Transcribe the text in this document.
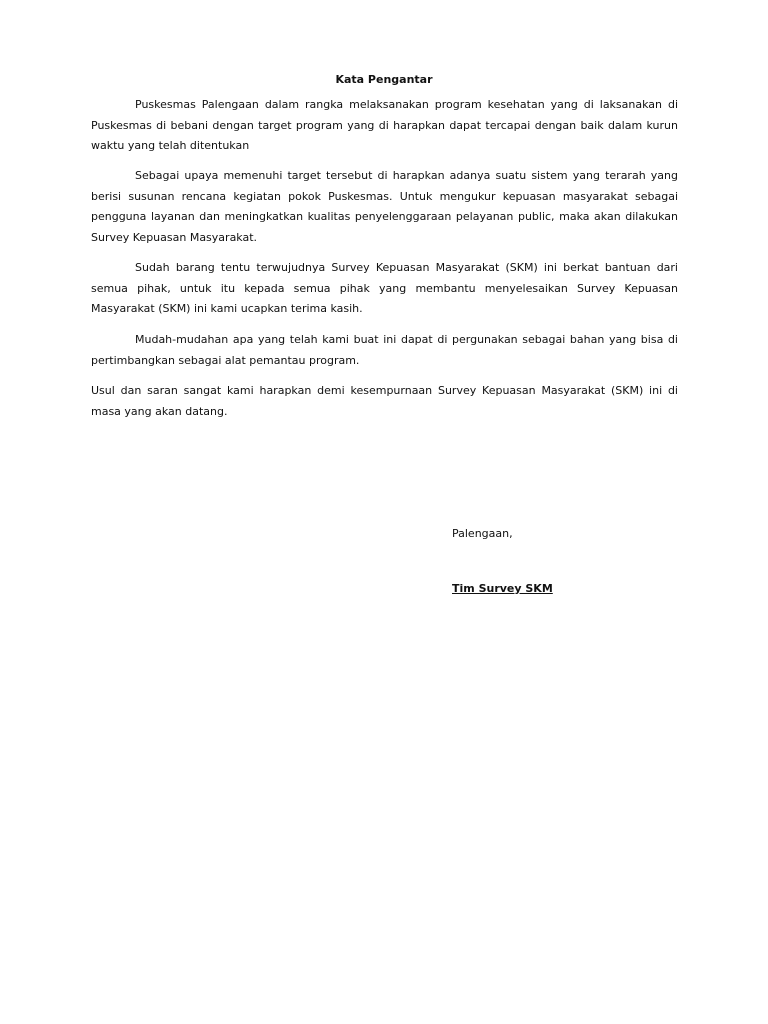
Kata Pengantar

Puskesmas Palengaan dalam rangka melaksanakan program kesehatan yang di laksanakan di Puskesmas di bebani dengan target program yang di harapkan dapat tercapai dengan baik dalam kurun waktu yang telah ditentukan

Sebagai upaya memenuhi target tersebut di harapkan adanya suatu sistem yang terarah yang berisi susunan rencana kegiatan pokok Puskesmas. Untuk mengukur kepuasan masyarakat sebagai pengguna layanan dan meningkatkan kualitas penyelenggaraan pelayanan public, maka akan dilakukan Survey Kepuasan Masyarakat.

Sudah barang tentu terwujudnya Survey Kepuasan Masyarakat (SKM) ini berkat bantuan dari semua pihak, untuk itu kepada semua pihak yang membantu menyelesaikan Survey Kepuasan Masyarakat (SKM) ini kami ucapkan terima kasih.

Mudah-mudahan apa yang telah kami buat ini dapat di pergunakan sebagai bahan yang bisa di pertimbangkan sebagai alat pemantau program.

Usul dan saran sangat kami harapkan demi kesempurnaan Survey Kepuasan Masyarakat (SKM) ini di masa yang akan datang.

Palengaan,
Tim Survey SKM
